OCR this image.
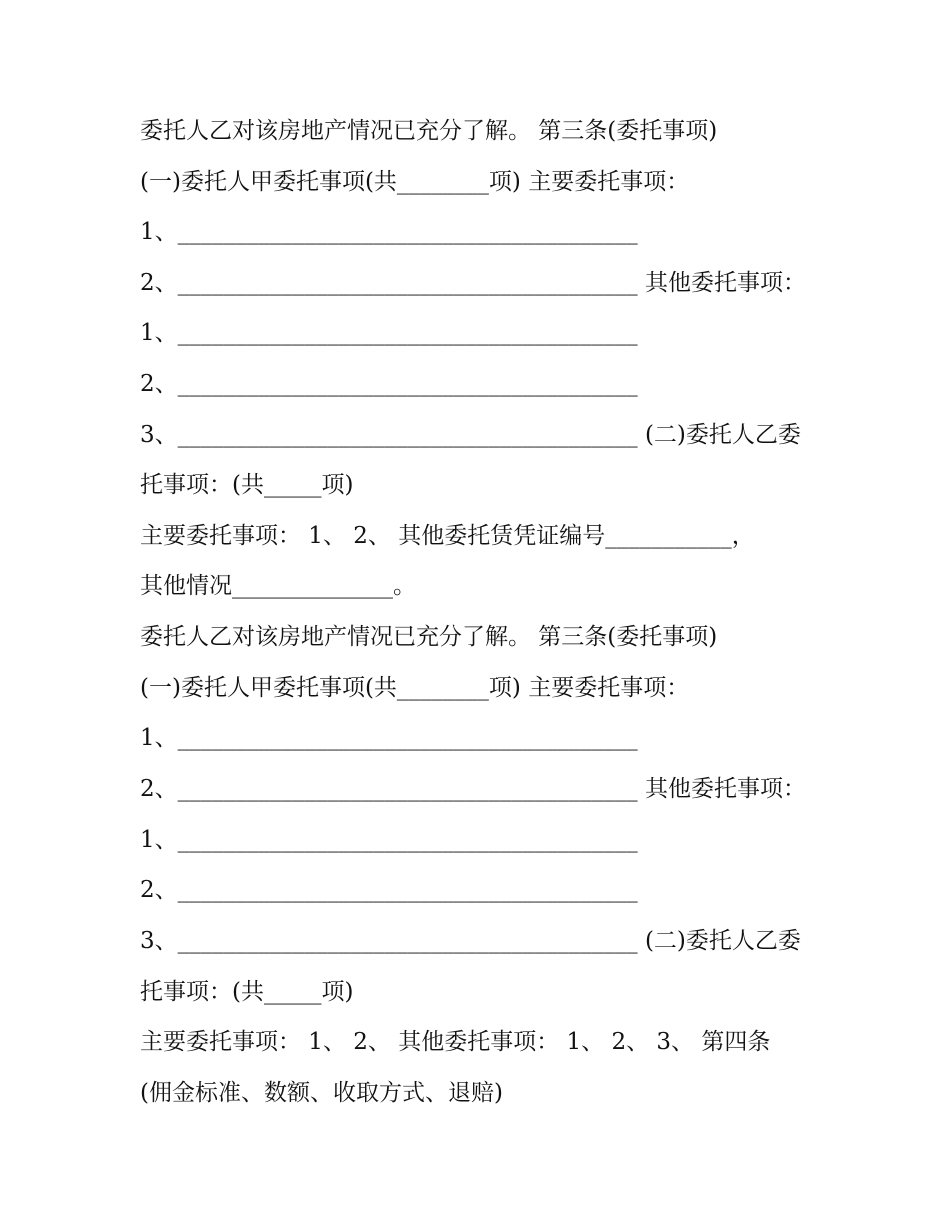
委托人乙对该房地产情况已充分了解。 第三条(委托事项)
(一)委托人甲委托事项(共________项) 主要委托事项：
1、________________________________________
2、________________________________________ 其他委托事项：
1、________________________________________
2、________________________________________
3、________________________________________ (二)委托人乙委
托事项：(共_____项)
主要委托事项： 1、 2、 其他委托赁凭证编号___________，
其他情况______________。
委托人乙对该房地产情况已充分了解。 第三条(委托事项)
(一)委托人甲委托事项(共________项) 主要委托事项：
1、________________________________________
2、________________________________________ 其他委托事项：
1、________________________________________
2、________________________________________
3、________________________________________ (二)委托人乙委
托事项：(共_____项)
主要委托事项： 1、 2、 其他委托事项： 1、 2、 3、 第四条
(佣金标准、数额、收取方式、退赔)
